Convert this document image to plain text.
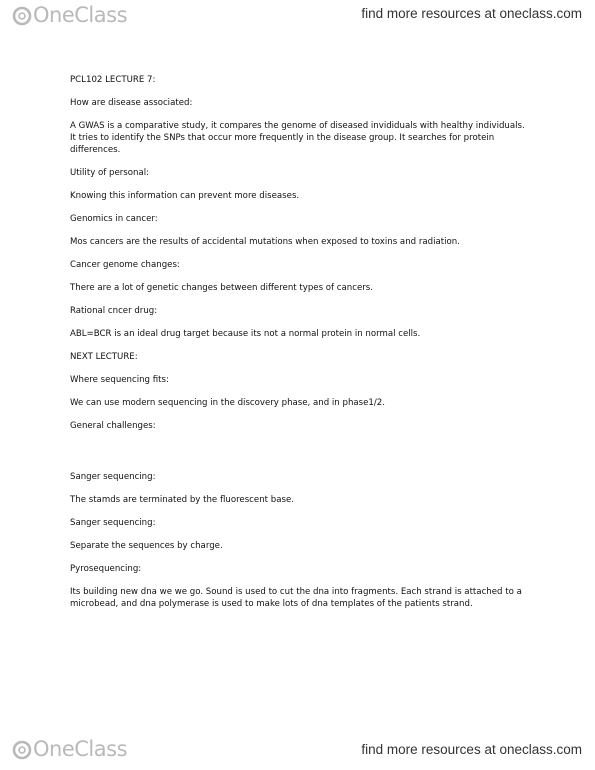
OneClass	find more resources at oneclass.com

PCL102 LECTURE 7:

How are disease associated:

A GWAS is a comparative study, it compares the genome of diseased invididuals with healthy individuals. It tries to identify the SNPs that occur more frequently in the disease group. It searches for protein differences.

Utility of personal:

Knowing this information can prevent more diseases.

Genomics in cancer:

Mos cancers are the results of accidental mutations when exposed to toxins and radiation.

Cancer genome changes:

There are a lot of genetic changes between different types of cancers.

Rational cncer drug:

ABL=BCR is an ideal drug target because its not a normal protein in normal cells.

NEXT LECTURE:

Where sequencing fits:

We can use modern sequencing in the discovery phase, and in phase1/2.

General challenges:

Sanger sequencing:

The stamds are terminated by the fluorescent base.

Sanger sequencing:

Separate the sequences by charge.

Pyrosequencing:

Its building new dna we we go. Sound is used to cut the dna into fragments. Each strand is attached to a microbead, and dna polymerase is used to make lots of dna templates of the patients strand.

OneClass	find more resources at oneclass.com
